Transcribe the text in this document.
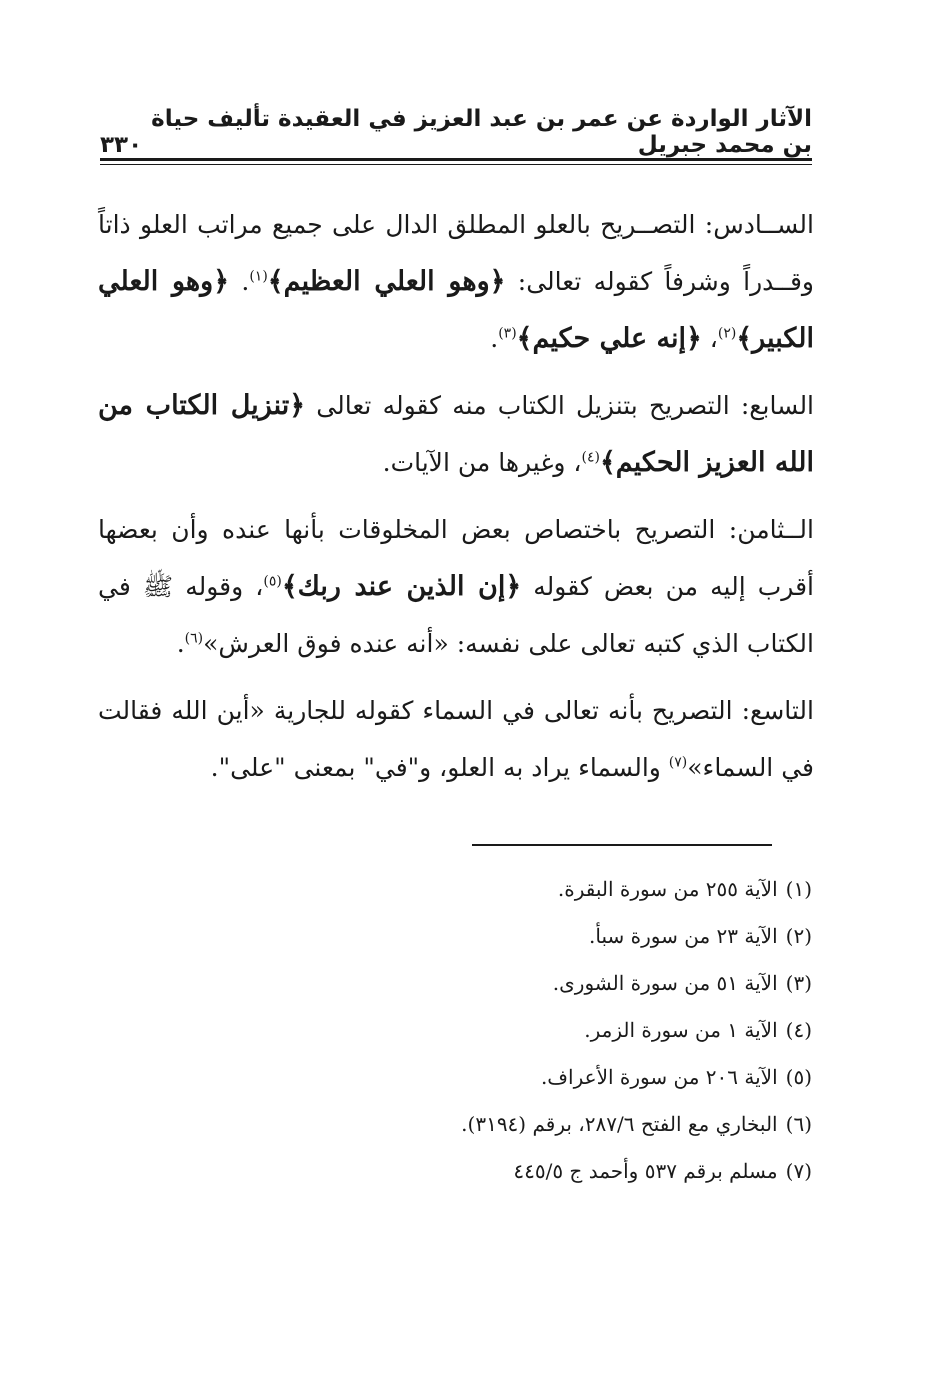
الآثار الواردة عن عمر بن عبد العزيز في العقيدة تأليف حياة بن محمد جبريل
٣٣٠

الســادس: التصــريح بالعلو المطلق الدال على جميع مراتب العلو ذاتاً وقــدراً وشرفاً كقوله تعالى: ﴿وهو العلي العظيم﴾$^{(١)}$. ﴿وهو العلي الكبير﴾$^{(٢)}$، ﴿إنه علي حكيم﴾$^{(٣)}$.

السابع: التصريح بتنزيل الكتاب منه كقوله تعالى ﴿تنزيل الكتاب من الله العزيز الحكيم﴾$^{(٤)}$، وغيرها من الآيات.

الــثامن: التصريح باختصاص بعض المخلوقات بأنها عنده وأن بعضها أقرب إليه من بعض كقوله ﴿إن الذين عند ربك﴾$^{(٥)}$، وقوله ﷺ في الكتاب الذي كتبه تعالى على نفسه: «أنه عنده فوق العرش»$^{(٦)}$.

التاسع: التصريح بأنه تعالى في السماء كقوله للجارية «أين الله فقالت في السماء»$^{(٧)}$ والسماء يراد به العلو، و"في" بمعنى "على".

(١)الآية ٢٥٥ من سورة البقرة.
(٢)الآية ٢٣ من سورة سبأ.
(٣)الآية ٥١ من سورة الشورى.
(٤)الآية ١ من سورة الزمر.
(٥)الآية ٢٠٦ من سورة الأعراف.
(٦)البخاري مع الفتح ٢٨٧/٦، برقم (٣١٩٤).
(٧)مسلم برقم ٥٣٧ وأحمد ج ٤٤٥/٥
